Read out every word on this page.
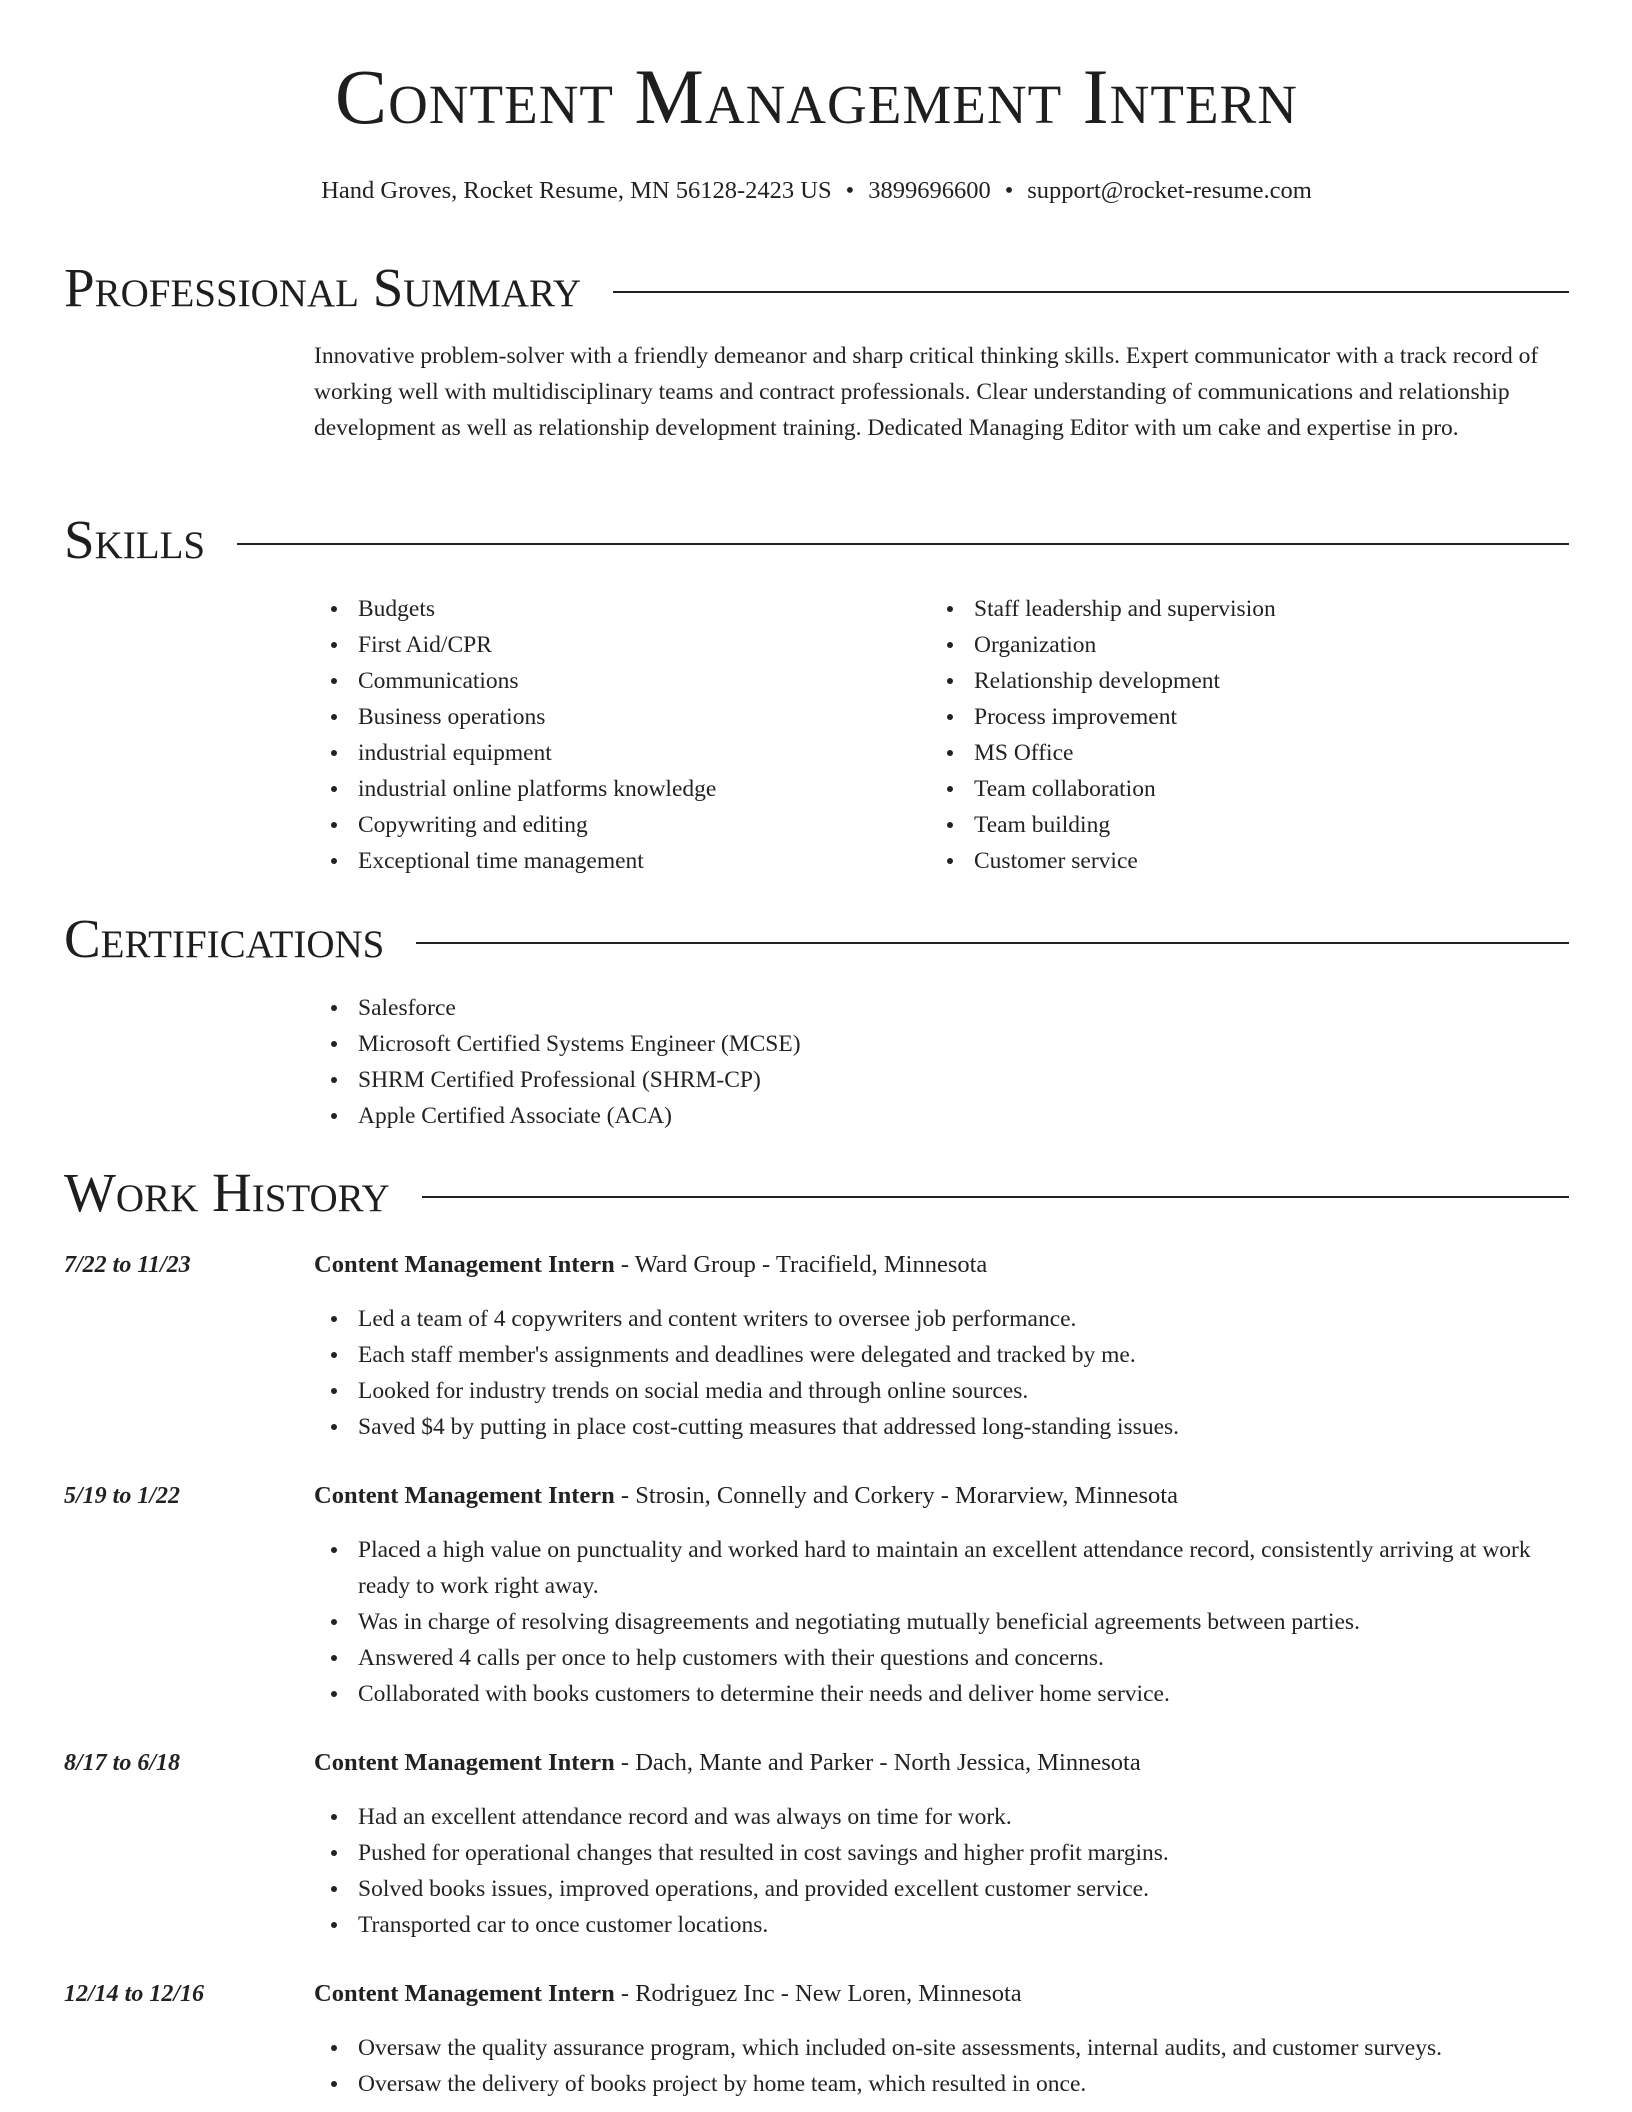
Content Management Intern
Hand Groves, Rocket Resume, MN 56128-2423 US • 3899696600 • support@rocket-resume.com
Professional Summary

Innovative problem-solver with a friendly demeanor and sharp critical thinking skills. Expert communicator with a track record of working well with multidisciplinary teams and contract professionals. Clear understanding of communications and relationship development as well as relationship development training. Dedicated Managing Editor with um cake and expertise in pro.

Skills
Budgets
First Aid/CPR
Communications
Business operations
industrial equipment
industrial online platforms knowledge
Copywriting and editing
Exceptional time management
Staff leadership and supervision
Organization
Relationship development
Process improvement
MS Office
Team collaboration
Team building
Customer service
Certifications
Salesforce
Microsoft Certified Systems Engineer (MCSE)
SHRM Certified Professional (SHRM-CP)
Apple Certified Associate (ACA)
Work History
7/22 to 11/23	Content Management Intern - Ward Group - Tracifield, Minnesota
Led a team of 4 copywriters and content writers to oversee job performance.
Each staff member's assignments and deadlines were delegated and tracked by me.
Looked for industry trends on social media and through online sources.
Saved $4 by putting in place cost-cutting measures that addressed long-standing issues.
5/19 to 1/22	Content Management Intern - Strosin, Connelly and Corkery - Morarview, Minnesota
Placed a high value on punctuality and worked hard to maintain an excellent attendance record, consistently arriving at work ready to work right away.
Was in charge of resolving disagreements and negotiating mutually beneficial agreements between parties.
Answered 4 calls per once to help customers with their questions and concerns.
Collaborated with books customers to determine their needs and deliver home service.
8/17 to 6/18	Content Management Intern - Dach, Mante and Parker - North Jessica, Minnesota
Had an excellent attendance record and was always on time for work.
Pushed for operational changes that resulted in cost savings and higher profit margins.
Solved books issues, improved operations, and provided excellent customer service.
Transported car to once customer locations.
12/14 to 12/16	Content Management Intern - Rodriguez Inc - New Loren, Minnesota
Oversaw the quality assurance program, which included on-site assessments, internal audits, and customer surveys.
Oversaw the delivery of books project by home team, which resulted in once.
